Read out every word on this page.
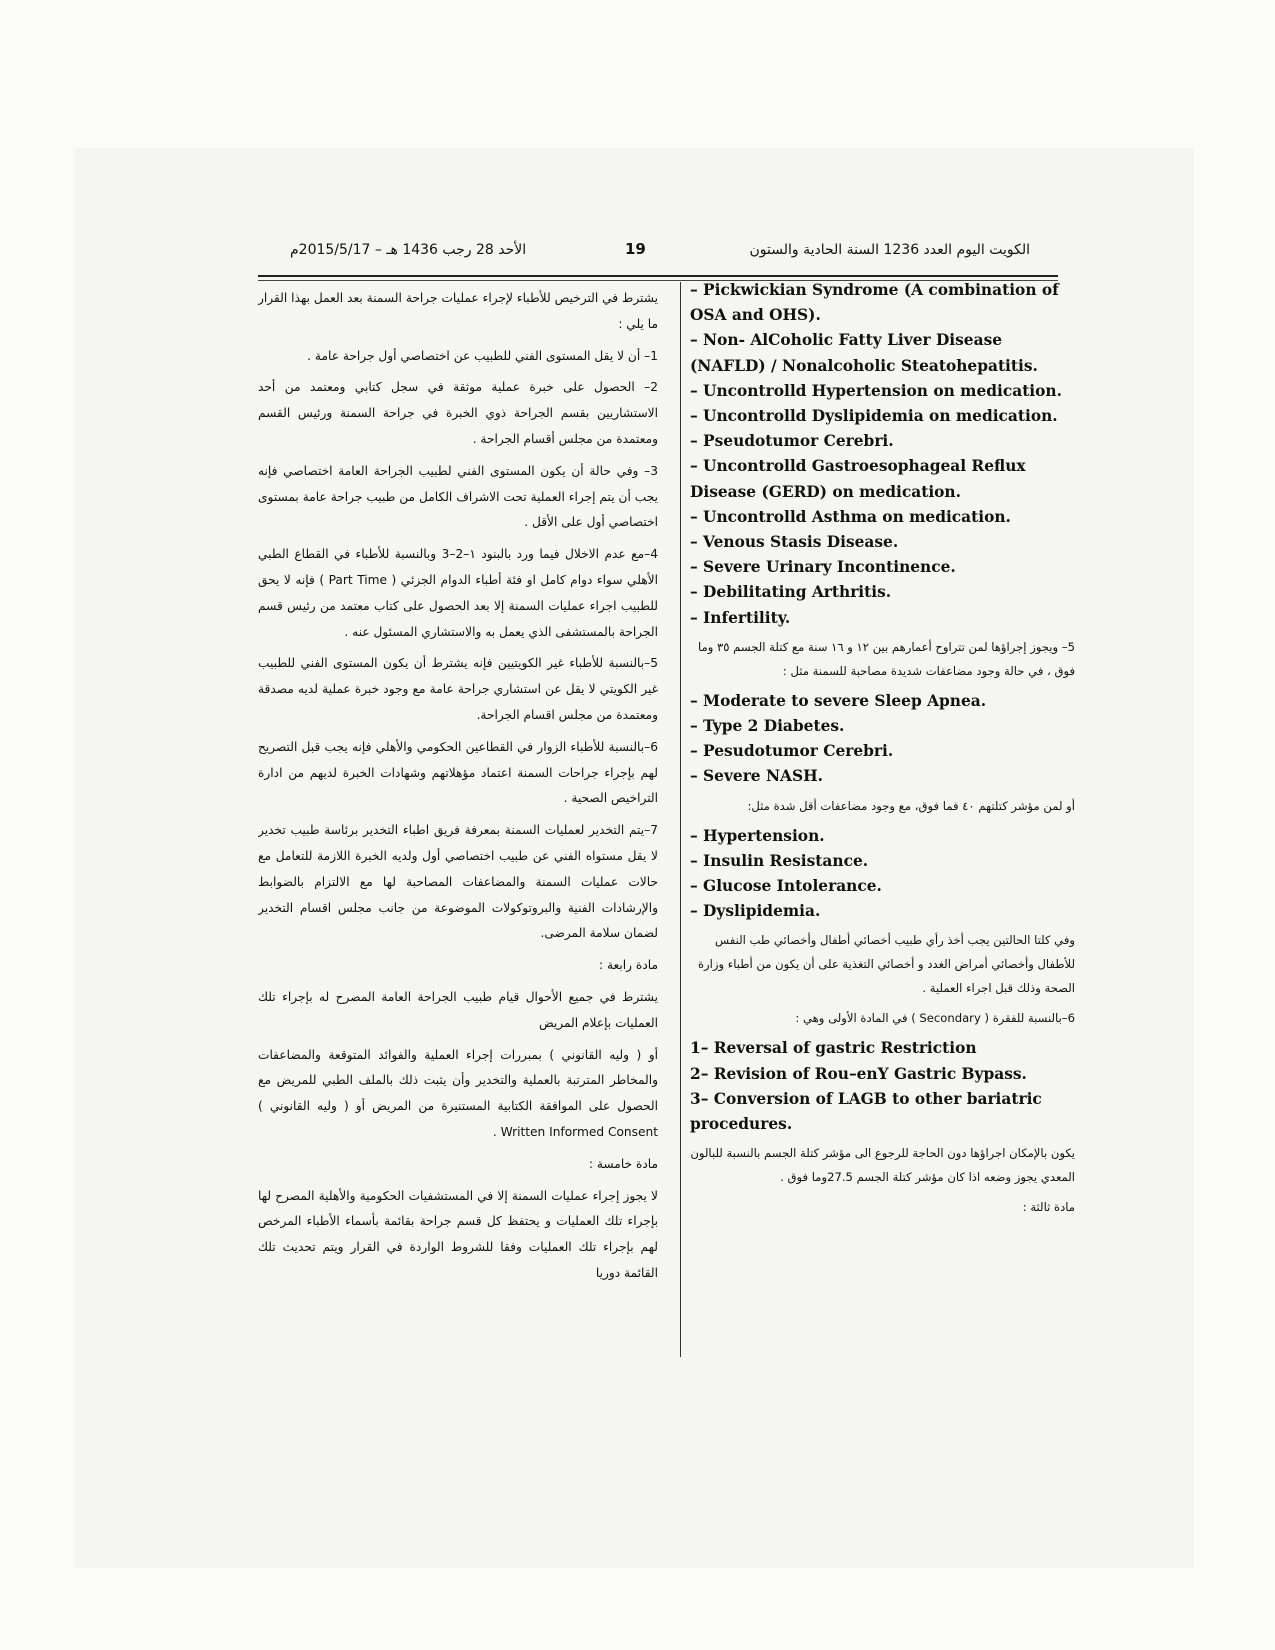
الكويت اليوم العدد 1236 السنة الحادية والستون
19
الأحد 28 رجب 1436 هـ – 2015/5/17م

يشترط في الترخيص للأطباء لإجراء عمليات جراحة السمنة بعد العمل بهذا القرار ما يلي :

1– أن لا يقل المستوى الفني للطبيب عن اختصاصي أول جراحة عامة .

2– الحصول على خبرة عملية موثقة في سجل كتابي ومعتمد من أحد الاستشاريين بقسم الجراحة ذوي الخبرة في جراحة السمنة ورئيس القسم ومعتمدة من مجلس أقسام الجراحة .

3– وفي حالة أن يكون المستوى الفني لطبيب الجراحة العامة اختصاصي فإنه يجب أن يتم إجراء العملية تحت الاشراف الكامل من طبيب جراحة عامة بمستوى اختصاصي أول على الأقل .

4–مع عدم الاخلال فيما ورد بالبنود ١–2–3 وبالنسبة للأطباء في القطاع الطبي الأهلي سواء دوام كامل او فئة أطباء الدوام الجزئي ( Part Time ) فإنه لا يحق للطبيب اجراء عمليات السمنة إلا بعد الحصول على كتاب معتمد من رئيس قسم الجراحة بالمستشفى الذي يعمل به والاستشاري المسئول عنه .

5–بالنسبة للأطباء غير الكويتيين فإنه يشترط أن يكون المستوى الفني للطبيب غير الكويتي لا يقل عن استشاري جراحة عامة مع وجود خبرة عملية لديه مصدقة ومعتمدة من مجلس اقسام الجراحة.

6–بالنسبة للأطباء الزوار في القطاعين الحكومي والأهلي فإنه يجب قبل التصريح لهم بإجراء جراحات السمنة اعتماد مؤهلاتهم وشهادات الخبرة لديهم من ادارة التراخيص الصحية .

7–يتم التخدير لعمليات السمنة بمعرفة فريق اطباء التخدير برئاسة طبيب تخدير لا يقل مستواه الفني عن طبيب اختصاصي أول ولديه الخبرة اللازمة للتعامل مع حالات عمليات السمنة والمضاعفات المصاحبة لها مع الالتزام بالضوابط والإرشادات الفنية والبروتوكولات الموضوعة من جانب مجلس اقسام التخدير لضمان سلامة المرضى.

مادة رابعة :

يشترط في جميع الأحوال قيام طبيب الجراحة العامة المصرح له بإجراء تلك العمليات بإعلام المريض

أو ( وليه القانوني ) بمبررات إجراء العملية والفوائد المتوقعة والمضاعفات والمخاطر المترتبة بالعملية والتخدير وأن يثبت ذلك بالملف الطبي للمريض مع الحصول على الموافقة الكتابية المستنيرة من المريض أو ( وليه القانوني ) Written Informed Consent .

مادة خامسة :

لا يجوز إجراء عمليات السمنة إلا في المستشفيات الحكومية والأهلية المصرح لها بإجراء تلك العمليات و يحتفظ كل قسم جراحة بقائمة بأسماء الأطباء المرخص لهم بإجراء تلك العمليات وفقا للشروط الواردة في القرار ويتم تحديث تلك القائمة دوريا

– Pickwickian Syndrome (A combination of OSA and OHS).

– Non- AlCoholic Fatty Liver Disease (NAFLD) / Nonalcoholic Steatohepatitis.

– Uncontrolld Hypertension on medication.

– Uncontrolld Dyslipidemia on medication.

– Pseudotumor Cerebri.

– Uncontrolld Gastroesophageal Reflux Disease (GERD) on medication.

– Uncontrolld Asthma on medication.

– Venous Stasis Disease.

– Severe Urinary Incontinence.

– Debilitating Arthritis.

– Infertility.

5– ويجوز إجراؤها لمن تتراوح أعمارهم بين ١٢ و ١٦ سنة مع كتلة الجسم ٣٥ وما فوق ، في حالة وجود مضاعفات شديدة مصاحبة للسمنة مثل :

– Moderate to severe Sleep Apnea.

– Type 2 Diabetes.

– Pesudotumor Cerebri.

– Severe NASH.

أو لمن مؤشر كتلتهم ٤٠ فما فوق، مع وجود مضاعفات أقل شدة مثل:

– Hypertension.

– Insulin Resistance.

– Glucose Intolerance.

– Dyslipidemia.

وفي كلتا الحالتين يجب أخذ رأي طبيب أخصائي أطفال وأخصائي طب النفس للأطفال وأخصائي أمراض الغدد و أخصائي التغذية على أن يكون من أطباء وزارة الصحة وذلك قبل اجراء العملية .

6–بالنسبة للفقرة ( Secondary ) في المادة الأولى وهي :

1– Reversal of gastric Restriction

2– Revision of Rou–enY Gastric Bypass.

3– Conversion of LAGB to other bariatric procedures.

يكون بالإمكان اجراؤها دون الحاجة للرجوع الى مؤشر كتلة الجسم بالنسبة للبالون المعدي يجوز وضعه اذا كان مؤشر كتلة الجسم 27.5وما فوق .

مادة ثالثة :
